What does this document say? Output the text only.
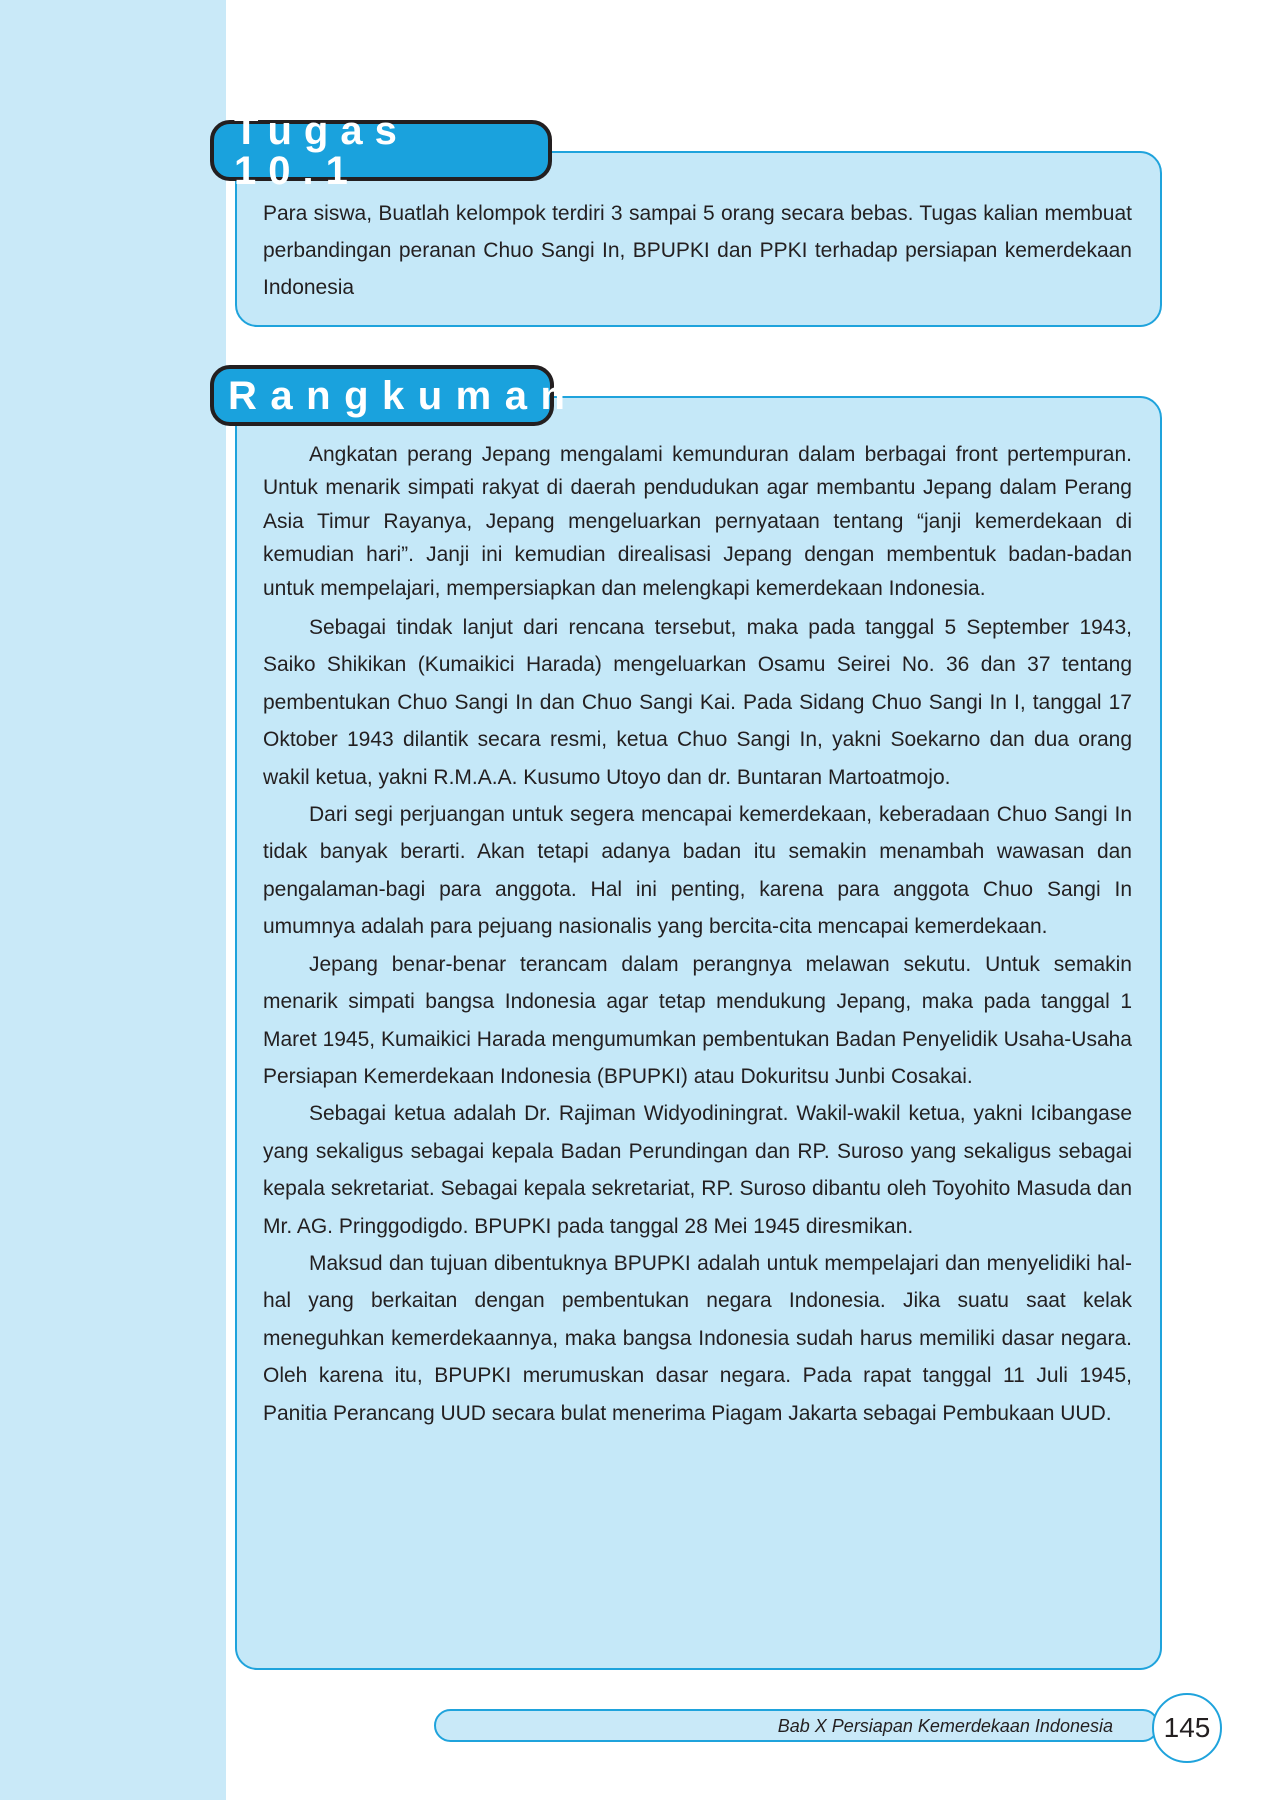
Para siswa, Buatlah kelompok terdiri 3 sampai 5 orang secara bebas. Tugas kalian membuat perbandingan peranan Chuo Sangi In, BPUPKI dan PPKI terhadap persiapan kemerdekaan Indonesia

Tugas 10.1

Angkatan perang Jepang mengalami kemunduran dalam berbagai front pertempuran. Untuk menarik simpati rakyat di daerah pendudukan agar membantu Jepang dalam Perang Asia Timur Rayanya, Jepang mengeluarkan pernyataan tentang “janji kemerdekaan di kemudian hari”. Janji ini kemudian direalisasi Jepang dengan membentuk badan-badan untuk mempelajari, mempersiapkan dan melengkapi kemerdekaan Indonesia.

Sebagai tindak lanjut dari rencana tersebut, maka pada tanggal 5 September 1943, Saiko Shikikan (Kumaikici Harada) mengeluarkan Osamu Seirei No. 36 dan 37 tentang pembentukan Chuo Sangi In dan Chuo Sangi Kai. Pada Sidang Chuo Sangi In I, tanggal 17 Oktober 1943 dilantik secara resmi, ketua Chuo Sangi In, yakni Soekarno dan dua orang wakil ketua, yakni R.M.A.A. Kusumo Utoyo dan dr. Buntaran Martoatmojo.

Dari segi perjuangan untuk segera mencapai kemerdekaan, keberadaan Chuo Sangi In tidak banyak berarti. Akan tetapi adanya badan itu semakin menambah wawasan dan pengalaman-bagi para anggota. Hal ini penting, karena para anggota Chuo Sangi In umumnya adalah para pejuang nasionalis yang bercita-cita mencapai kemerdekaan.

Jepang benar-benar terancam dalam perangnya melawan sekutu. Untuk semakin menarik simpati bangsa Indonesia agar tetap mendukung Jepang, maka pada tanggal 1 Maret 1945, Kumaikici Harada mengumumkan pembentukan Badan Penyelidik Usaha-Usaha Persiapan Kemerdekaan Indonesia (BPUPKI) atau Dokuritsu Junbi Cosakai.

Sebagai ketua adalah Dr. Rajiman Widyodiningrat. Wakil-wakil ketua, yakni Icibangase yang sekaligus sebagai kepala Badan Perundingan dan RP. Suroso yang sekaligus sebagai kepala sekretariat. Sebagai kepala sekretariat, RP. Suroso dibantu oleh Toyohito Masuda dan Mr. AG. Pringgodigdo. BPUPKI pada tanggal 28 Mei 1945 diresmikan.

Maksud dan tujuan dibentuknya BPUPKI adalah untuk mempelajari dan menyelidiki hal-hal yang berkaitan dengan pembentukan negara Indonesia. Jika suatu saat kelak meneguhkan kemerdekaannya, maka bangsa Indonesia sudah harus memiliki dasar negara. Oleh karena itu, BPUPKI merumuskan dasar negara. Pada rapat tanggal 11 Juli 1945, Panitia Perancang UUD secara bulat menerima Piagam Jakarta sebagai Pembukaan UUD.

Rangkuman
Bab X Persiapan Kemerdekaan Indonesia 145
